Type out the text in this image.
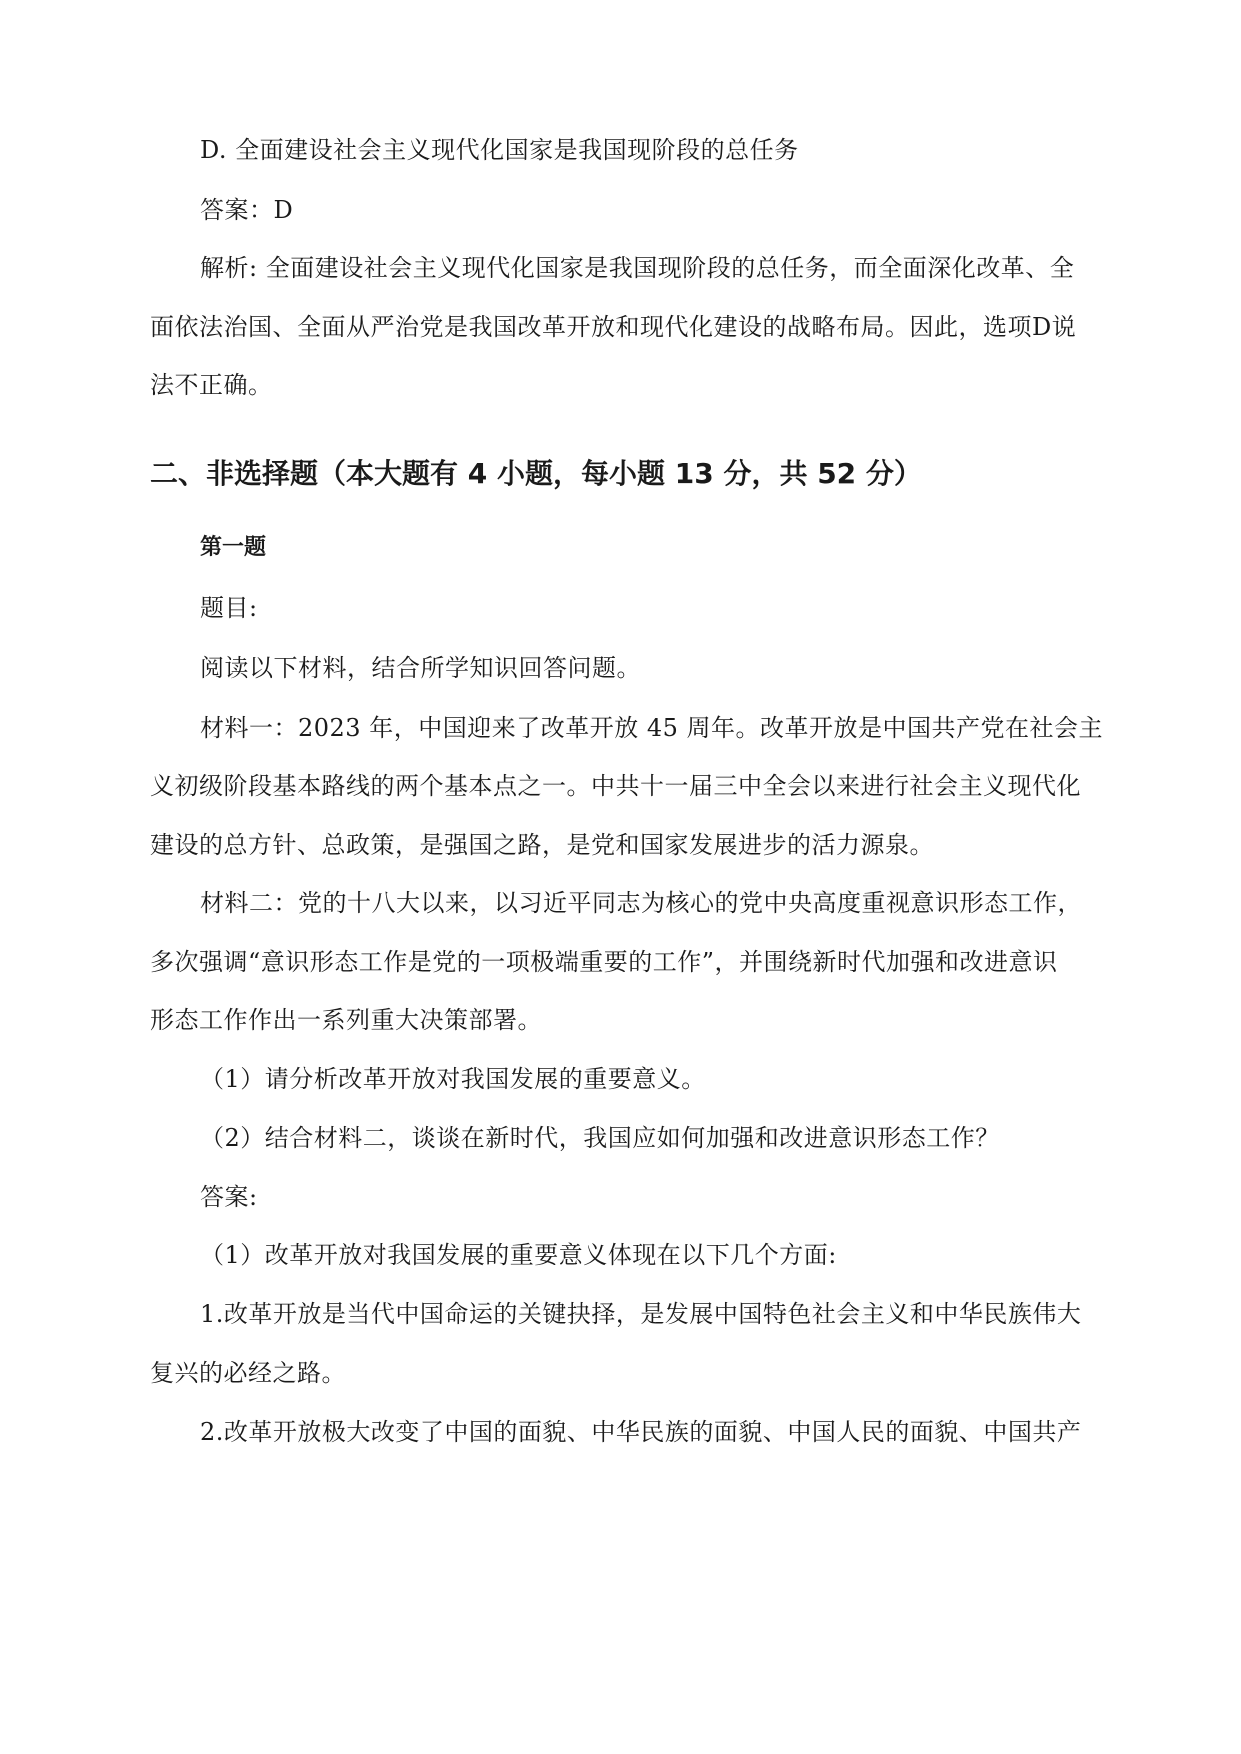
D. 全面建设社会主义现代化国家是我国现阶段的总任务
答案：D
解析: 全面建设社会主义现代化国家是我国现阶段的总任务，而全面深化改革、全
面依法治国、全面从严治党是我国改革开放和现代化建设的战略布局。因此，选项D说
法不正确。
二、非选择题（本大题有 4 小题，每小题 13 分，共 52 分）
第一题
题目:
阅读以下材料，结合所学知识回答问题。
材料一：2023 年，中国迎来了改革开放 45 周年。改革开放是中国共产党在社会主
义初级阶段基本路线的两个基本点之一。中共十一届三中全会以来进行社会主义现代化
建设的总方针、总政策，是强国之路，是党和国家发展进步的活力源泉。
材料二：党的十八大以来，以习近平同志为核心的党中央高度重视意识形态工作，
多次强调“意识形态工作是党的一项极端重要的工作”，并围绕新时代加强和改进意识
形态工作作出一系列重大决策部署。
（1）请分析改革开放对我国发展的重要意义。
（2）结合材料二，谈谈在新时代，我国应如何加强和改进意识形态工作？
答案:
（1）改革开放对我国发展的重要意义体现在以下几个方面:
1.改革开放是当代中国命运的关键抉择，是发展中国特色社会主义和中华民族伟大
复兴的必经之路。
2.改革开放极大改变了中国的面貌、中华民族的面貌、中国人民的面貌、中国共产
